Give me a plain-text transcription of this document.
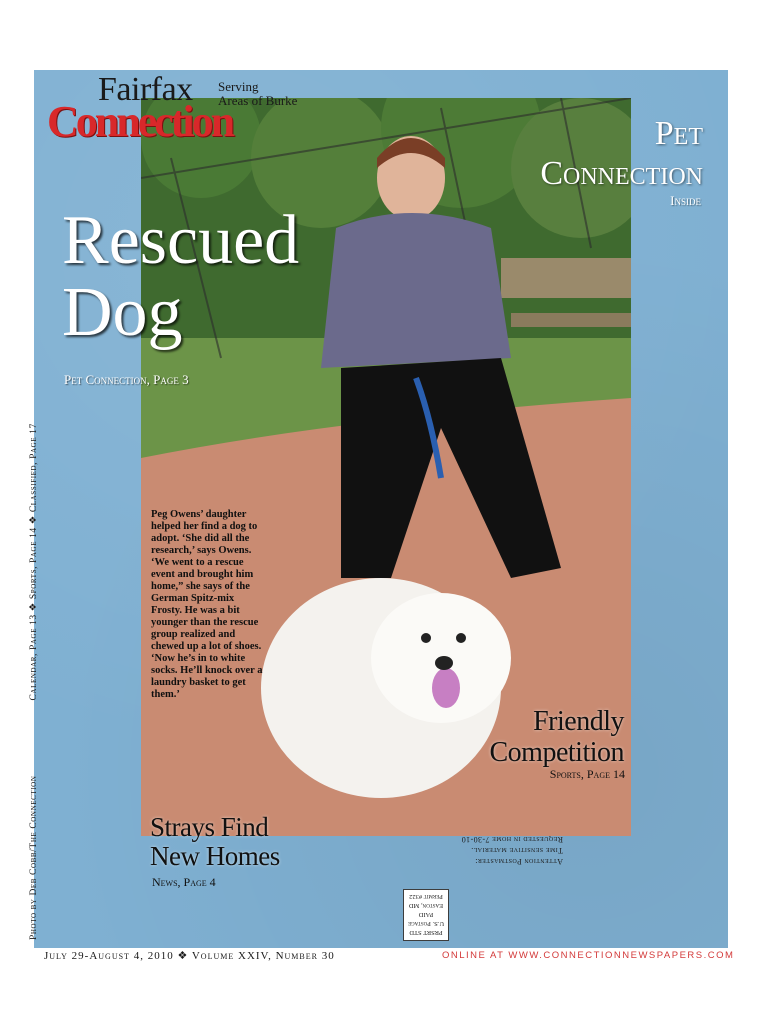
Fairfax Serving
Areas of Burke
Connection	Pet
Connection
Inside
Rescued
Dog
Pet Connection, Page 3
Peg Owens’ daughter helped her find a dog to adopt. ‘She did all the research,’ says Owens. ‘We went to a rescue event and brought him home,” she says of the German Spitz-mix Frosty. He was a bit younger than the rescue group realized and chewed up a lot of shoes. ‘Now he’s in to white socks. He’ll knock over a laundry basket to get them.’
Friendly
Competition
Sports, Page 14
Strays Find
New Homes
News, Page 4
Photo by Deb Cobb/The Connection Calendar, Page 13 ❖ Sports, Page 14 ❖ Classified, Page 17
Attention Postmaster:
Time sensitive material.
Requested in home 7-30-10
PRSRT STD
U.S. Postage
PAID
Easton, MD
Permit #322
July 29-August 4, 2010 ❖ Volume XXIV, Number 30	ONLINE AT WWW.CONNECTIONNEWSPAPERS.COM
